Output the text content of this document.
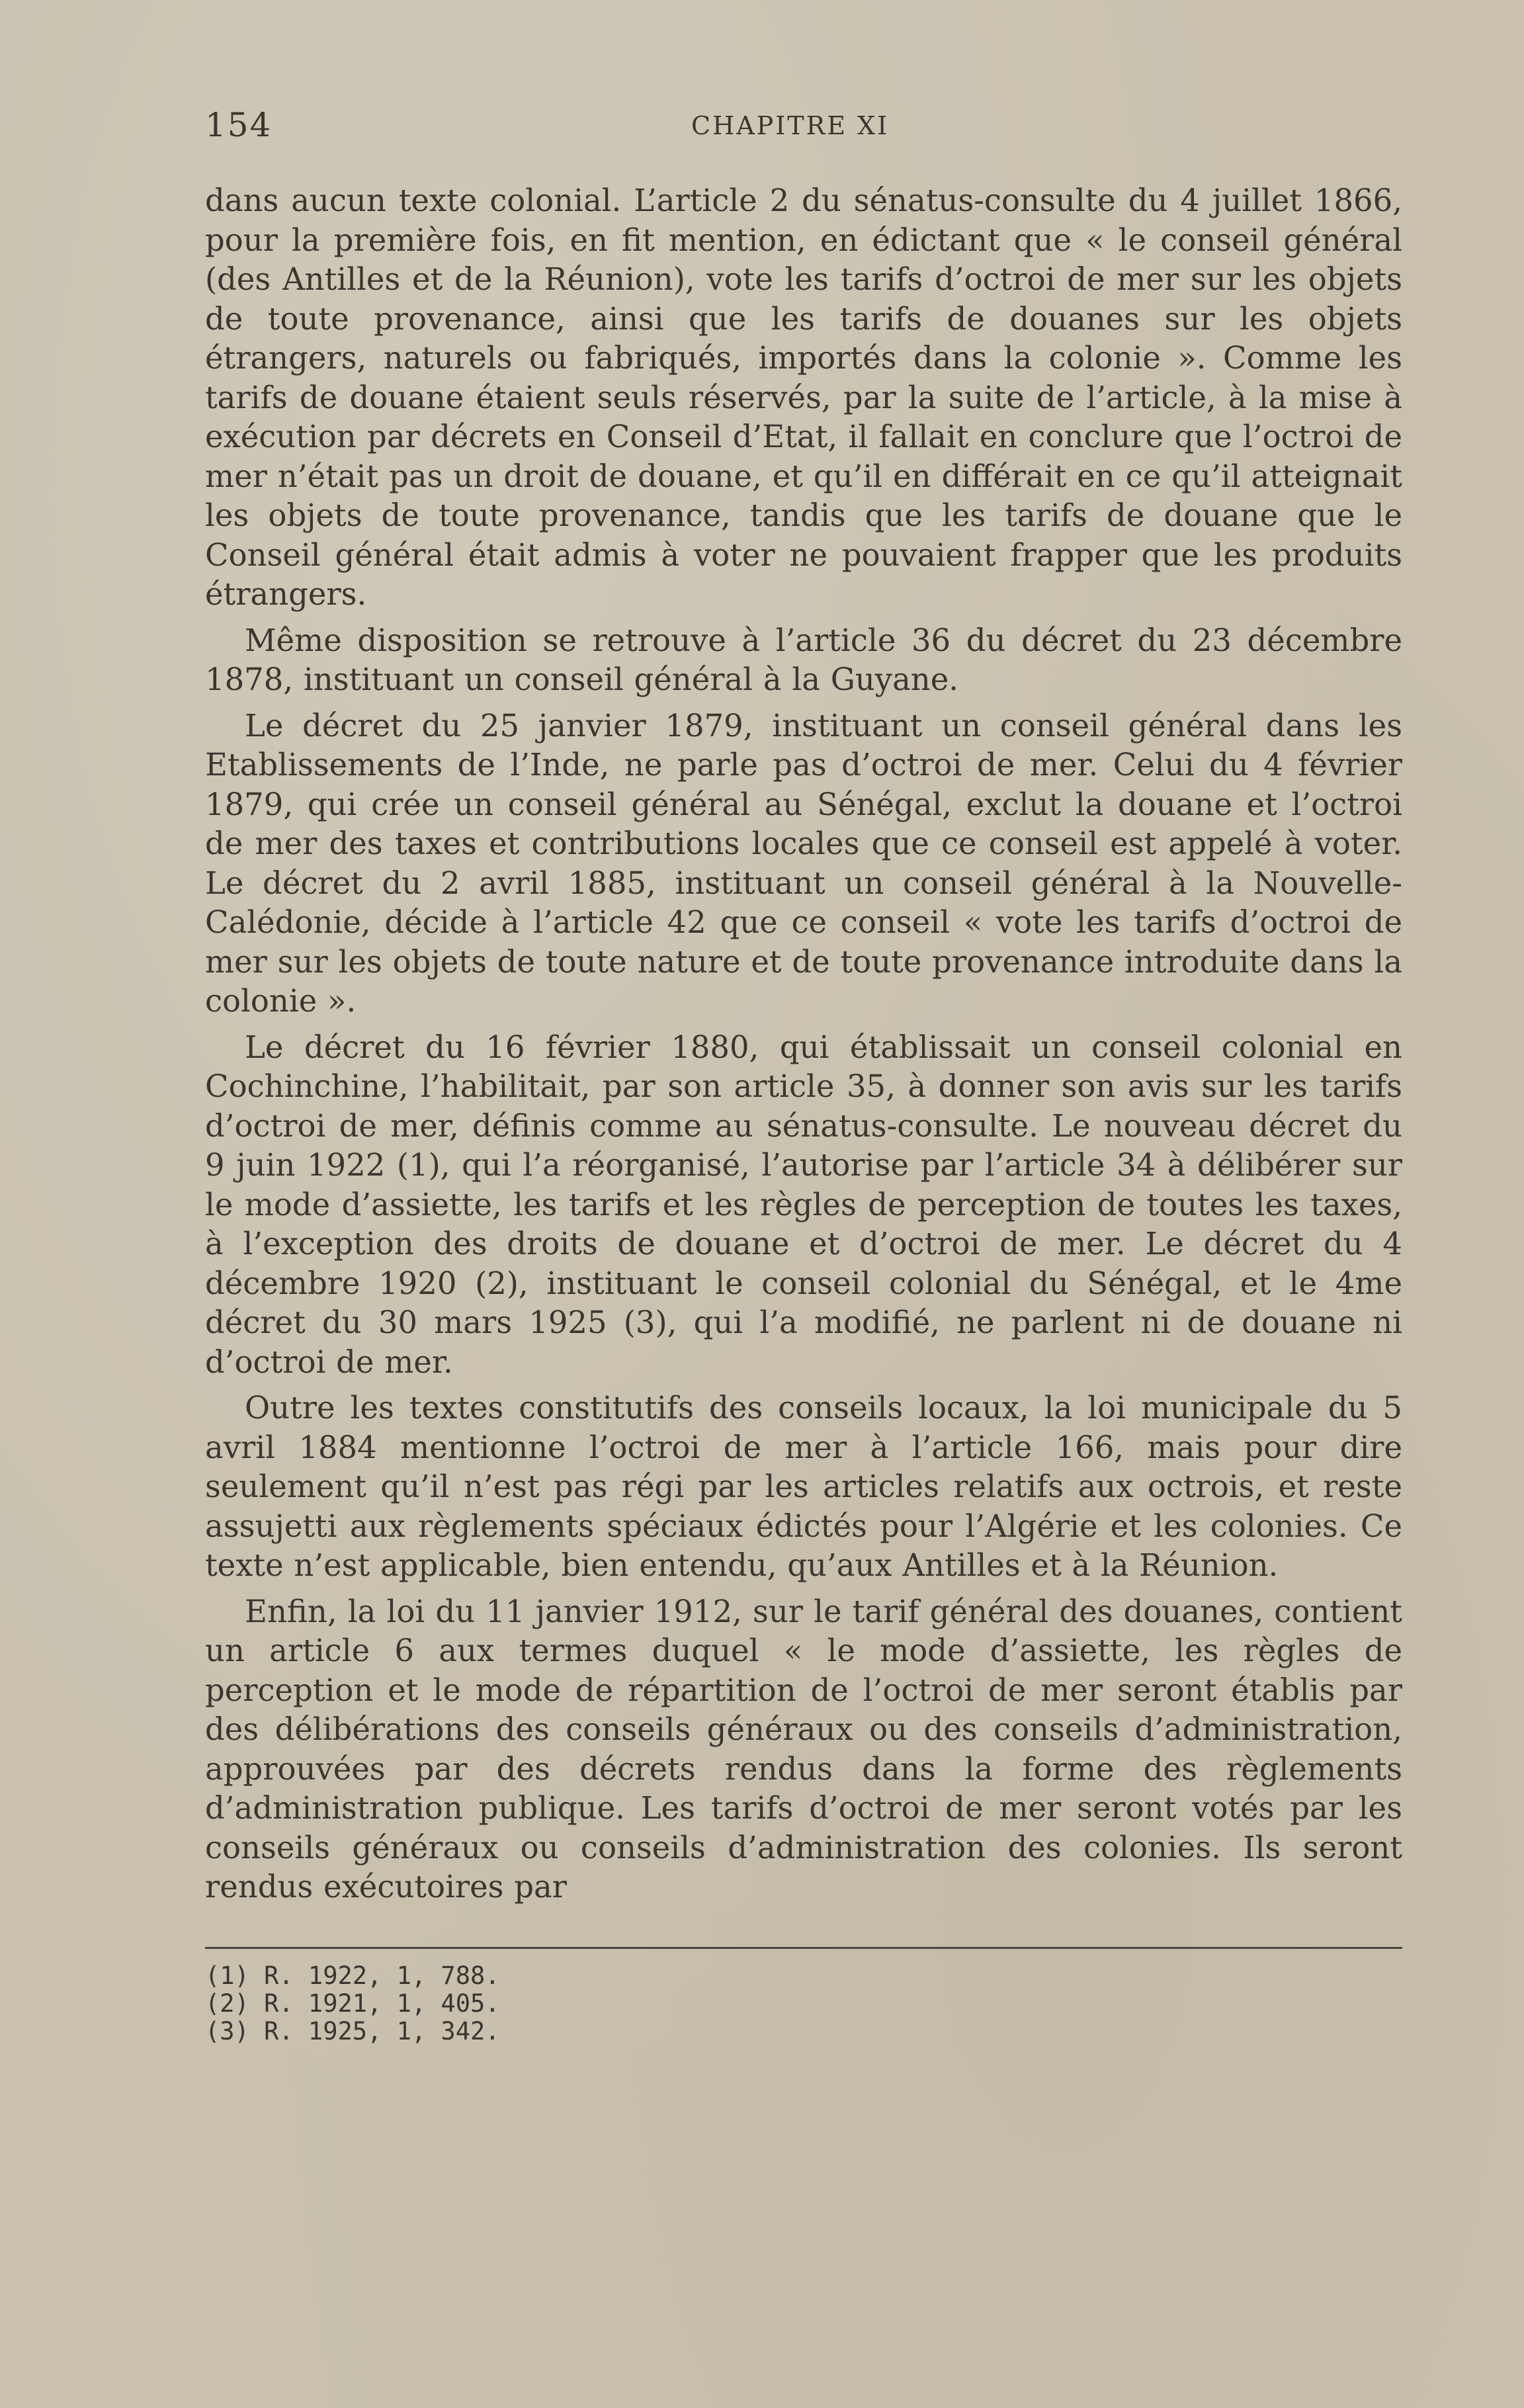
154	CHAPITRE XI

dans aucun texte colonial. L’article 2 du sénatus-consulte du 4 juillet 1866, pour la première fois, en fit mention, en édictant que « le conseil général (des Antilles et de la Réunion), vote les tarifs d’octroi de mer sur les objets de toute provenance, ainsi que les tarifs de douanes sur les objets étrangers, naturels ou fabriqués, importés dans la colonie ». Comme les tarifs de douane étaient seuls réservés, par la suite de l’article, à la mise à exécution par décrets en Conseil d’Etat, il fallait en conclure que l’octroi de mer n’était pas un droit de douane, et qu’il en différait en ce qu’il atteignait les objets de toute provenance, tandis que les tarifs de douane que le Conseil général était admis à voter ne pouvaient frapper que les produits étrangers.

Même disposition se retrouve à l’article 36 du décret du 23 décembre 1878, instituant un conseil général à la Guyane.

Le décret du 25 janvier 1879, instituant un conseil général dans les Etablissements de l’Inde, ne parle pas d’octroi de mer. Celui du 4 février 1879, qui crée un conseil général au Sénégal, exclut la douane et l’octroi de mer des taxes et contributions locales que ce conseil est appelé à voter. Le décret du 2 avril 1885, instituant un conseil général à la Nouvelle-Calédonie, décide à l’article 42 que ce conseil « vote les tarifs d’octroi de mer sur les objets de toute nature et de toute provenance introduite dans la colonie ».

Le décret du 16 février 1880, qui établissait un conseil colonial en Cochinchine, l’habilitait, par son article 35, à donner son avis sur les tarifs d’octroi de mer, définis comme au sénatus-consulte. Le nouveau décret du 9 juin 1922 (1), qui l’a réorganisé, l’autorise par l’article 34 à délibérer sur le mode d’assiette, les tarifs et les règles de perception de toutes les taxes, à l’exception des droits de douane et d’octroi de mer. Le décret du 4 décembre 1920 (2), instituant le conseil colonial du Sénégal, et le 4me décret du 30 mars 1925 (3), qui l’a modifié, ne parlent ni de douane ni d’octroi de mer.

Outre les textes constitutifs des conseils locaux, la loi municipale du 5 avril 1884 mentionne l’octroi de mer à l’article 166, mais pour dire seulement qu’il n’est pas régi par les articles relatifs aux octrois, et reste assujetti aux règlements spéciaux édictés pour l’Algérie et les colonies. Ce texte n’est applicable, bien entendu, qu’aux Antilles et à la Réunion.

Enfin, la loi du 11 janvier 1912, sur le tarif général des douanes, contient un article 6 aux termes duquel « le mode d’assiette, les règles de perception et le mode de répartition de l’octroi de mer seront établis par des délibérations des conseils généraux ou des conseils d’administration, approuvées par des décrets rendus dans la forme des règlements d’administration publique. Les tarifs d’octroi de mer seront votés par les conseils généraux ou conseils d’administration des colonies. Ils seront rendus exécutoires par

(1) R. 1922, 1, 788.
(2) R. 1921, 1, 405.
(3) R. 1925, 1, 342.
